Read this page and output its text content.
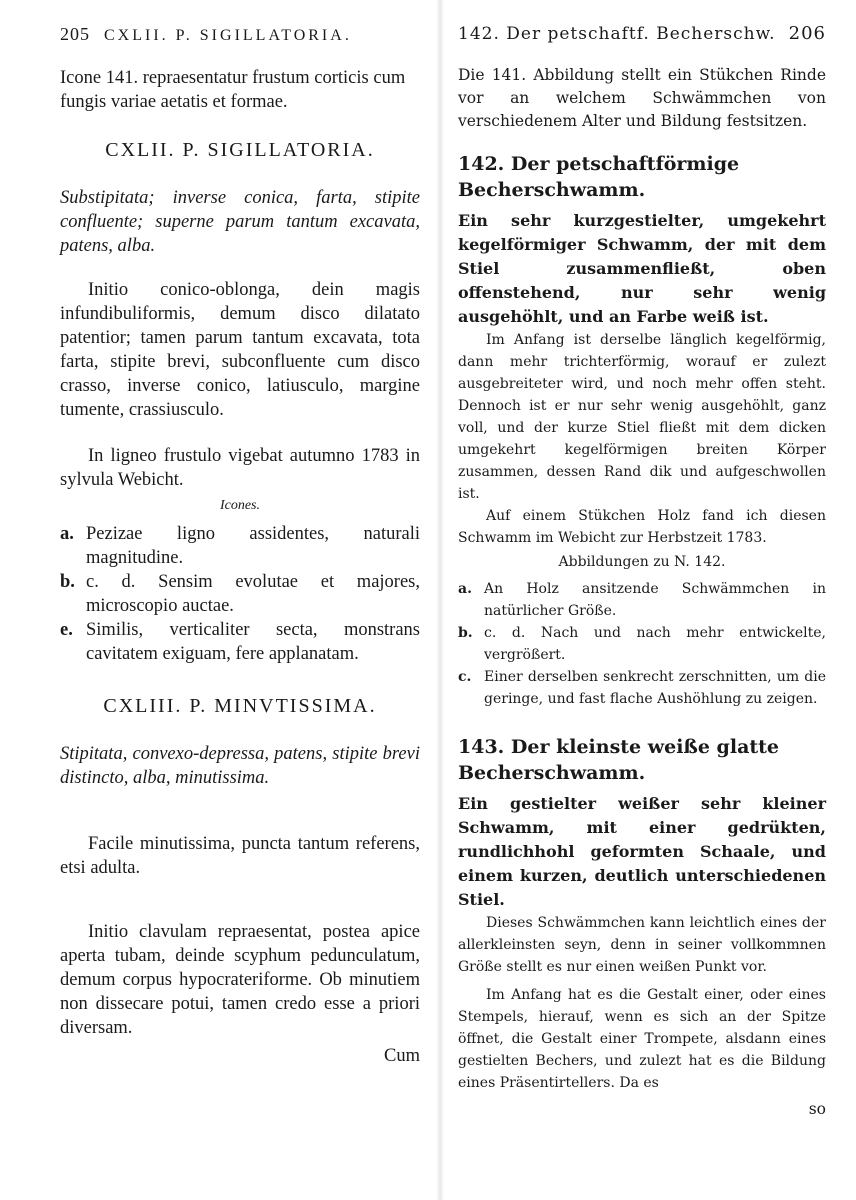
205 CXLII. P. SIGILLATORIA.

Icone 141. repraesentatur frustum corticis cum fungis variae aetatis et formae.

CXLII. P. SIGILLATORIA.

Substipitata; inverse conica, farta, stipite confluente; superne parum tantum excavata, patens, alba.

Initio conico-oblonga, dein magis infundibuliformis, demum disco dilatato patentior; tamen parum tantum excavata, tota farta, stipite brevi, subconfluente cum disco crasso, inverse conico, latiusculo, margine tumente, crassiusculo.

In ligneo frustulo vigebat autumno 1783 in sylvula Webicht.

Icones.
a. Pezizae ligno assidentes, naturali magnitudine.
b. c. d. Sensim evolutae et majores, microscopio auctae.
e. Similis, verticaliter secta, monstrans cavitatem exiguam, fere applanatam.
CXLIII. P. MINVTISSIMA.

Stipitata, convexo-depressa, patens, stipite brevi distincto, alba, minutissima.

Facile minutissima, puncta tantum referens, etsi adulta.

Initio clavulam repraesentat, postea apice aperta tubam, deinde scyphum pedunculatum, demum corpus hypocrateriforme. Ob minutiem non dissecare potui, tamen credo esse a priori diversam.

Cum
142. Der petschaftf. Becherschw. 206

Die 141. Abbildung stellt ein Stükchen Rinde vor an welchem Schwämmchen von verschiedenem Alter und Bildung festsitzen.

142. Der petschaftförmige Becherschwamm.

Ein sehr kurzgestielter, umgekehrt kegelförmiger Schwamm, der mit dem Stiel zusammenfließt, oben offenstehend, nur sehr wenig ausgehöhlt, und an Farbe weiß ist.

Im Anfang ist derselbe länglich kegelförmig, dann mehr trichterförmig, worauf er zulezt ausgebreiteter wird, und noch mehr offen steht. Dennoch ist er nur sehr wenig ausgehöhlt, ganz voll, und der kurze Stiel fließt mit dem dicken umgekehrt kegelförmigen breiten Körper zusammen, dessen Rand dik und aufgeschwollen ist.

Auf einem Stükchen Holz fand ich diesen Schwamm im Webicht zur Herbstzeit 1783.

Abbildungen zu N. 142.
a. An Holz ansitzende Schwämmchen in natürlicher Größe.
b. c. d. Nach und nach mehr entwickelte, vergrößert.
c. Einer derselben senkrecht zerschnitten, um die geringe, und fast flache Aushöhlung zu zeigen.
143. Der kleinste weiße glatte Becherschwamm.

Ein gestielter weißer sehr kleiner Schwamm, mit einer gedrükten, rundlichhohl geformten Schaale, und einem kurzen, deutlich unterschiedenen Stiel.

Dieses Schwämmchen kann leichtlich eines der allerkleinsten seyn, denn in seiner vollkommnen Größe stellt es nur einen weißen Punkt vor.

Im Anfang hat es die Gestalt einer, oder eines Stempels, hierauf, wenn es sich an der Spitze öffnet, die Gestalt einer Trompete, alsdann eines gestielten Bechers, und zulezt hat es die Bildung eines Präsentirtellers. Da es

so
